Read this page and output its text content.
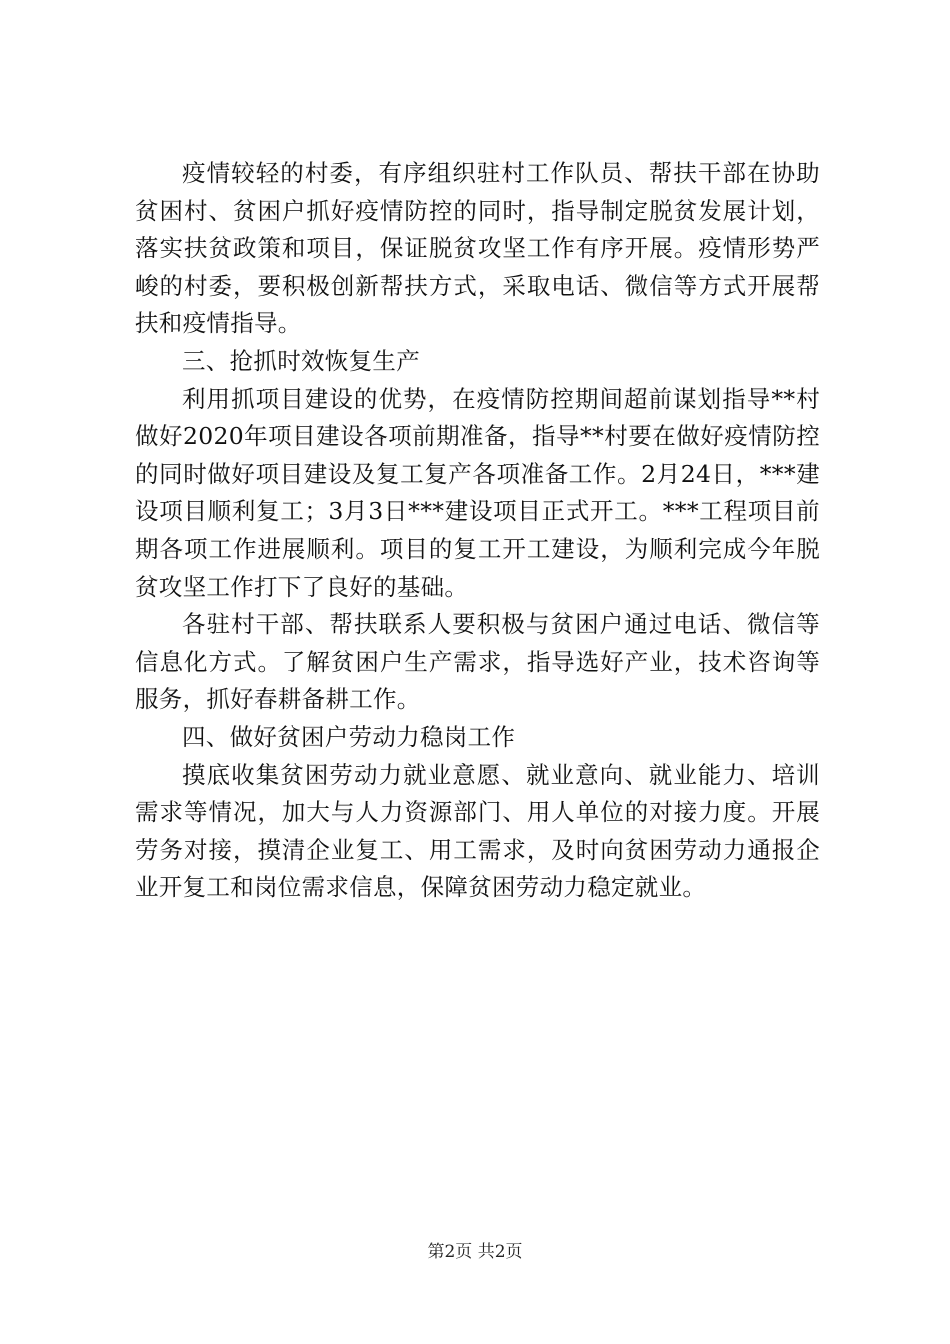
疫情较轻的村委，有序组织驻村工作队员、帮扶干部在协助贫困村、贫困户抓好疫情防控的同时，指导制定脱贫发展计划，落实扶贫政策和项目，保证脱贫攻坚工作有序开展。疫情形势严峻的村委，要积极创新帮扶方式，采取电话、微信等方式开展帮扶和疫情指导。

三、抢抓时效恢复生产

利用抓项目建设的优势，在疫情防控期间超前谋划指导**村做好2020年项目建设各项前期准备，指导**村要在做好疫情防控的同时做好项目建设及复工复产各项准备工作。2月24日，***建设项目顺利复工；3月3日***建设项目正式开工。***工程项目前期各项工作进展顺利。项目的复工开工建设，为顺利完成今年脱贫攻坚工作打下了良好的基础。

各驻村干部、帮扶联系人要积极与贫困户通过电话、微信等信息化方式。了解贫困户生产需求，指导选好产业，技术咨询等服务，抓好春耕备耕工作。

四、做好贫困户劳动力稳岗工作

摸底收集贫困劳动力就业意愿、就业意向、就业能力、培训需求等情况，加大与人力资源部门、用人单位的对接力度。开展劳务对接，摸清企业复工、用工需求，及时向贫困劳动力通报企业开复工和岗位需求信息，保障贫困劳动力稳定就业。

第2页 共2页
